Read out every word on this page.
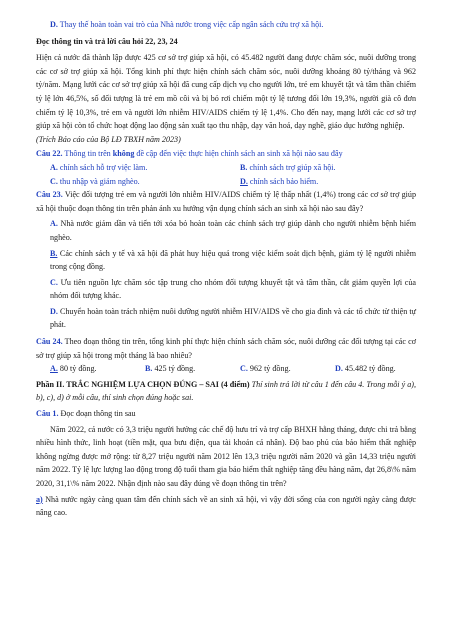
D. Thay thế hoàn toàn vai trò của Nhà nước trong việc cấp ngân sách cứu trợ xã hội.

Đọc thông tin và trả lời câu hỏi 22, 23, 24

Hiện cả nước đã thành lập được 425 cơ sở trợ giúp xã hội, có 45.482 người đang được chăm sóc, nuôi dưỡng trong các cơ sở trợ giúp xã hội. Tổng kinh phí thực hiện chính sách chăm sóc, nuôi dưỡng khoảng 80 tỷ/tháng và 962 tỷ/năm. Mạng lưới các cơ sở trợ giúp xã hội đã cung cấp dịch vụ cho người lớn, trẻ em khuyết tật và tâm thần chiếm tỷ lệ lớn 46,5%, số đối tượng là trẻ em mồ côi và bị bỏ rơi chiếm một tỷ lệ tương đối lớn 19,3%, người già cô đơn chiếm tỷ lệ 10,3%, trẻ em và người lớn nhiễm HIV/AIDS chiếm tỷ lệ 1,4%. Cho đến nay, mạng lưới các cơ sở trợ giúp xã hội còn tổ chức hoạt động lao động sản xuất tạo thu nhập, dạy văn hoá, dạy nghề, giáo dục hướng nghiệp.

(Trích Báo cáo của Bộ LĐ TBXH năm 2023)

Câu 22. Thông tin trên không đề cập đến việc thực hiện chính sách an sinh xã hội nào sau đây

A. chính sách hỗ trợ việc làm.	B. chính sách trợ giúp xã hội.
C. thu nhập và giảm nghèo.	D. chính sách bảo hiểm.

Câu 23. Việc đối tượng trẻ em và người lớn nhiễm HIV/AIDS chiếm tỷ lệ thấp nhất (1,4%) trong các cơ sở trợ giúp xã hội thuộc đoạn thông tin trên phản ánh xu hướng vận dụng chính sách an sinh xã hội nào sau đây?

A. Nhà nước giảm dần và tiến tới xóa bỏ hoàn toàn các chính sách trợ giúp dành cho người nhiễm bệnh hiểm nghèo.

B. Các chính sách y tế và xã hội đã phát huy hiệu quả trong việc kiểm soát dịch bệnh, giảm tỷ lệ người nhiễm trong cộng đồng.

C. Ưu tiên nguồn lực chăm sóc tập trung cho nhóm đối tượng khuyết tật và tâm thần, cắt giảm quyền lợi của nhóm đối tượng khác.

D. Chuyển hoàn toàn trách nhiệm nuôi dưỡng người nhiễm HIV/AIDS về cho gia đình và các tổ chức từ thiện tự phát.

Câu 24. Theo đoạn thông tin trên, tổng kinh phí thực hiện chính sách chăm sóc, nuôi dưỡng các đối tượng tại các cơ sở trợ giúp xã hội trong một tháng là bao nhiêu?

A. 80 tỷ đồng.	B. 425 tỷ đồng.	C. 962 tỷ đồng.	D. 45.482 tỷ đồng.

Phần II. TRẮC NGHIỆM LỰA CHỌN ĐÚNG – SAI (4 điểm) Thí sinh trả lời từ câu 1 đến câu 4. Trong mỗi ý a), b), c), d) ở mỗi câu, thí sinh chọn đúng hoặc sai.

Câu 1. Đọc đoạn thông tin sau

Năm 2022, cả nước có 3,3 triệu người hưởng các chế độ hưu trí và trợ cấp BHXH hằng tháng, được chi trả bằng nhiều hình thức, linh hoạt (tiền mặt, qua bưu điện, qua tài khoản cá nhân). Độ bao phủ của bảo hiểm thất nghiệp không ngừng được mở rộng: từ 8,27 triệu người năm 2012 lên 13,3 triệu người năm 2020 và gần 14,33 triệu người năm 2022. Tỷ lệ lực lượng lao động trong độ tuổi tham gia bảo hiểm thất nghiệp tăng đều hàng năm, đạt 26,8\% năm 2020, 31,1\% năm 2022. Nhận định nào sau đây đúng về đoạn thông tin trên?

a) Nhà nước ngày càng quan tâm đến chính sách về an sinh xã hội, vì vậy đời sống của con người ngày càng được nâng cao.
